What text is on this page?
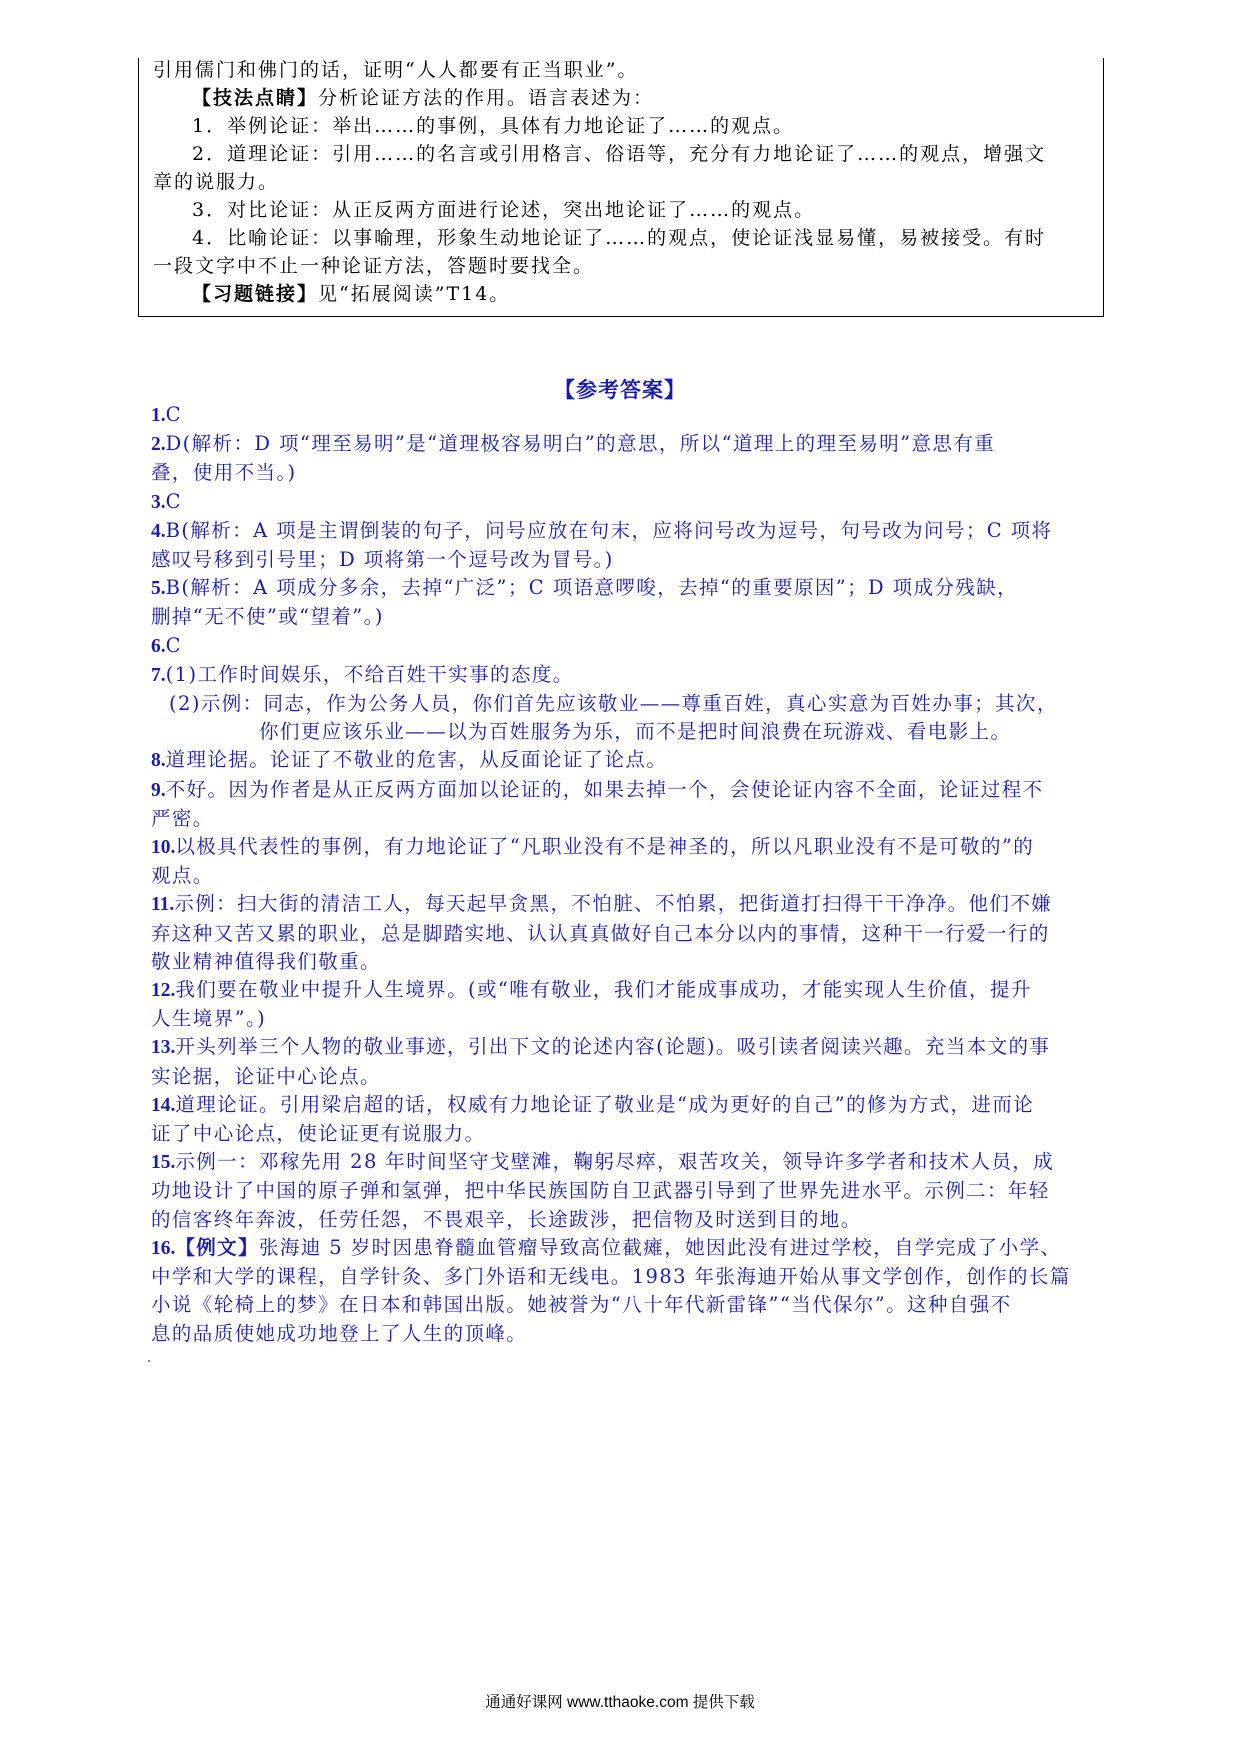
引用儒门和佛门的话，证明“人人都要有正当职业”。

【技法点睛】分析论证方法的作用。语言表述为：

1．举例论证：举出……的事例，具体有力地论证了……的观点。

2．道理论证：引用……的名言或引用格言、俗语等，充分有力地论证了……的观点，增强文

章的说服力。

3．对比论证：从正反两方面进行论述，突出地论证了……的观点。

4．比喻论证：以事喻理，形象生动地论证了……的观点，使论证浅显易懂，易被接受。有时

一段文字中不止一种论证方法，答题时要找全。

【习题链接】见“拓展阅读”T14。

【参考答案】

1.C

2.D(解析：D 项“理至易明”是“道理极容易明白”的意思，所以“道理上的理至易明”意思有重

叠，使用不当。)

3.C

4.B(解析：A 项是主谓倒装的句子，问号应放在句末，应将问号改为逗号，句号改为问号；C 项将

感叹号移到引号里；D 项将第一个逗号改为冒号。)

5.B(解析：A 项成分多余，去掉“广泛”；C 项语意啰唆，去掉“的重要原因”；D 项成分残缺，

删掉“无不使”或“望着”。)

6.C

7.(1)工作时间娱乐，不给百姓干实事的态度。

(2)示例：同志，作为公务人员，你们首先应该敬业——尊重百姓，真心实意为百姓办事；其次，

你们更应该乐业——以为百姓服务为乐，而不是把时间浪费在玩游戏、看电影上。

8.道理论据。论证了不敬业的危害，从反面论证了论点。

9.不好。因为作者是从正反两方面加以论证的，如果去掉一个，会使论证内容不全面，论证过程不

严密。

10.以极具代表性的事例，有力地论证了“凡职业没有不是神圣的，所以凡职业没有不是可敬的”的

观点。

11.示例：扫大街的清洁工人，每天起早贪黑，不怕脏、不怕累，把街道打扫得干干净净。他们不嫌

弃这种又苦又累的职业，总是脚踏实地、认认真真做好自己本分以内的事情，这种干一行爱一行的

敬业精神值得我们敬重。

12.我们要在敬业中提升人生境界。(或“唯有敬业，我们才能成事成功，才能实现人生价值，提升

人生境界”。)

13.开头列举三个人物的敬业事迹，引出下文的论述内容(论题)。吸引读者阅读兴趣。充当本文的事

实论据，论证中心论点。

14.道理论证。引用梁启超的话，权威有力地论证了敬业是“成为更好的自己”的修为方式，进而论

证了中心论点，使论证更有说服力。

15.示例一：邓稼先用 28 年时间坚守戈壁滩，鞠躬尽瘁，艰苦攻关，领导许多学者和技术人员，成

功地设计了中国的原子弹和氢弹，把中华民族国防自卫武器引导到了世界先进水平。示例二：年轻

的信客终年奔波，任劳任怨，不畏艰辛，长途跋涉，把信物及时送到目的地。

16.【例文】张海迪 5 岁时因患脊髓血管瘤导致高位截瘫，她因此没有进过学校，自学完成了小学、

中学和大学的课程，自学针灸、多门外语和无线电。1983 年张海迪开始从事文学创作，创作的长篇

小说《轮椅上的梦》在日本和韩国出版。她被誉为“八十年代新雷锋”“当代保尔”。这种自强不

息的品质使她成功地登上了人生的顶峰。

通通好课网 www.tthaoke.com 提供下载
